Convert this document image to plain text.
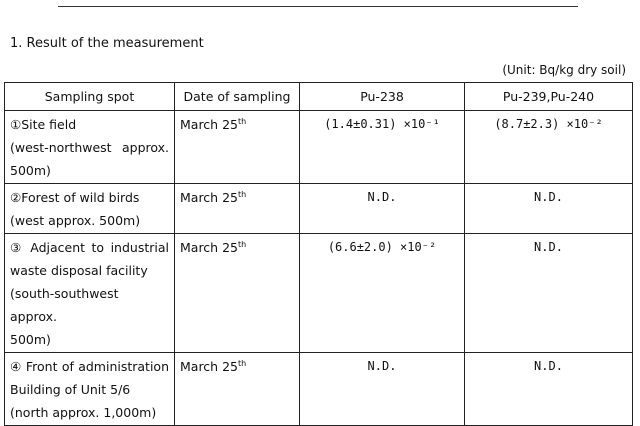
1. Result of the measurement
(Unit: Bq/kg dry soil)
Sampling spot	Date of sampling	Pu-238	Pu-239,Pu-240

①Site field
(west-northwest approx.
500m)	March 25th	(1.4±0.31) ×10⁻¹	(8.7±2.3) ×10⁻²

②Forest of wild birds
(west approx. 500m)	March 25th	N.D.	N.D.

③ Adjacent to industrial
waste disposal facility
(south-southwest approx.
500m)	March 25th	(6.6±2.0) ×10⁻²	N.D.

④ Front of administration
Building of Unit 5/6
(north approx. 1,000m)	March 25th	N.D.	N.D.
